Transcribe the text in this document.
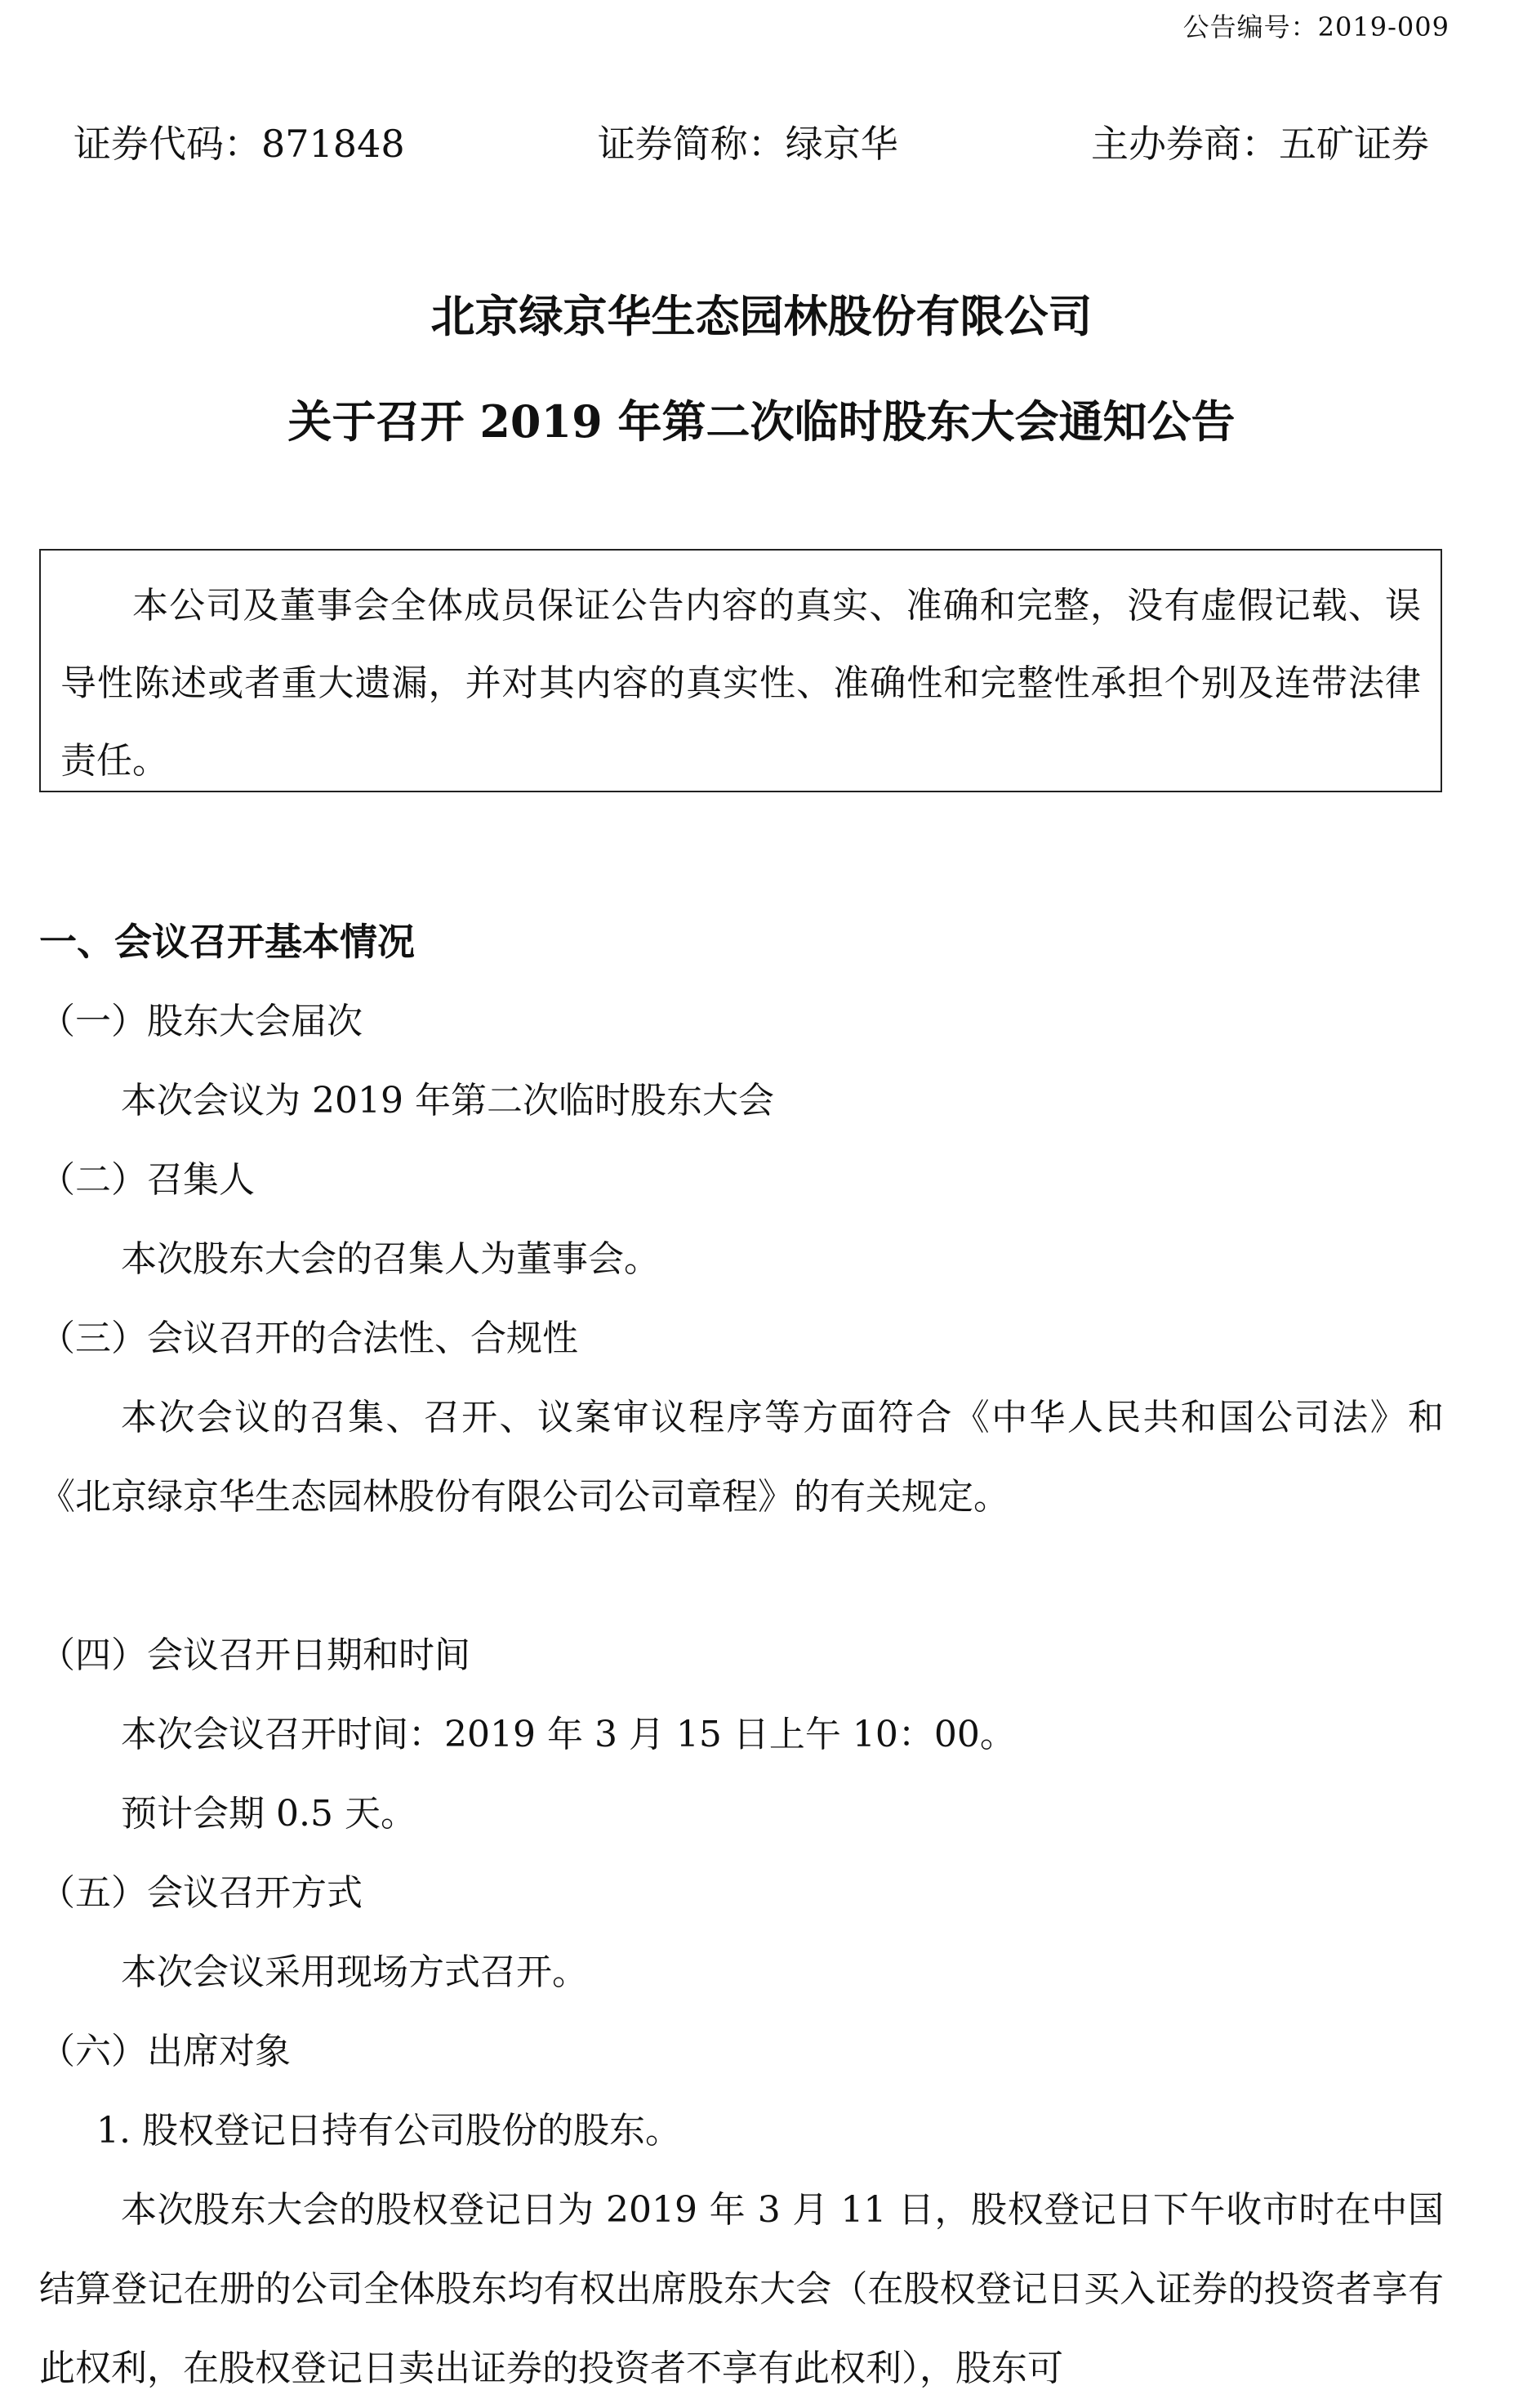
公告编号：2019-009
证券代码：871848	证券简称：绿京华	主办券商：五矿证券
北京绿京华生态园林股份有限公司
关于召开 2019 年第二次临时股东大会通知公告
本公司及董事会全体成员保证公告内容的真实、准确和完整，没有虚假记载、误导性陈述或者重大遗漏，并对其内容的真实性、准确性和完整性承担个别及连带法律责任。
一、会议召开基本情况
（一）股东大会届次
本次会议为 2019 年第二次临时股东大会
（二）召集人
本次股东大会的召集人为董事会。
（三）会议召开的合法性、合规性
本次会议的召集、召开、议案审议程序等方面符合《中华人民共和国公司法》和《北京绿京华生态园林股份有限公司公司章程》的有关规定。
（四）会议召开日期和时间
本次会议召开时间：2019 年 3 月 15 日上午 10：00。
预计会期 0.5 天。
（五）会议召开方式
本次会议采用现场方式召开。
（六）出席对象
1. 股权登记日持有公司股份的股东。
本次股东大会的股权登记日为 2019 年 3 月 11 日，股权登记日下午收市时在中国结算登记在册的公司全体股东均有权出席股东大会（在股权登记日买入证券的投资者享有此权利，在股权登记日卖出证券的投资者不享有此权利），股东可
